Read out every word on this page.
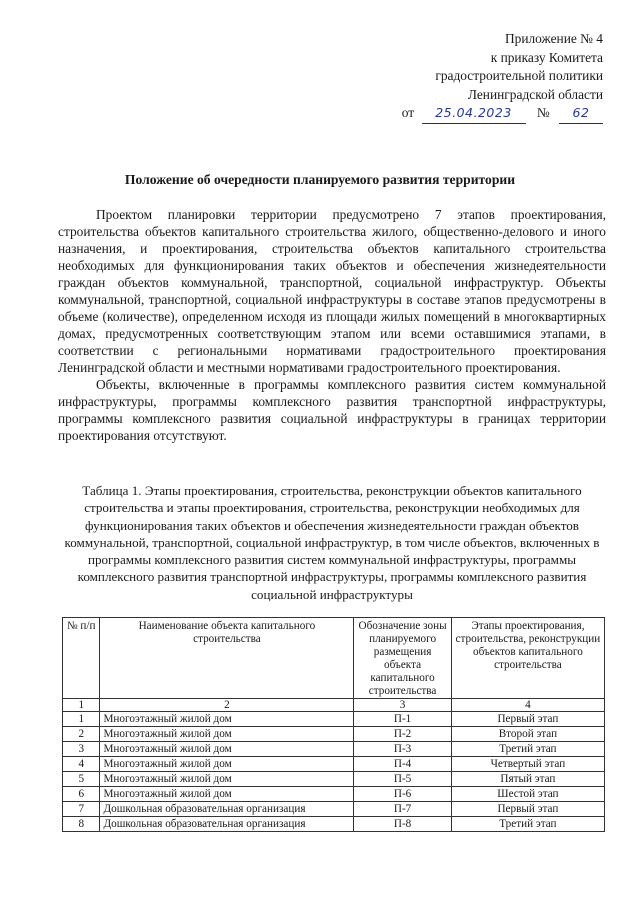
Приложение № 4
к приказу Комитета
градостроительной политики
Ленинградской области
от 25.04.2023 № 62
Положение об очередности планируемого развития территории

Проектом планировки территории предусмотрено 7 этапов проектирования, строительства объектов капитального строительства жилого, общественно-делового и иного назначения, и проектирования, строительства объектов капитального строительства необходимых для функционирования таких объектов и обеспечения жизнедеятельности граждан объектов коммунальной, транспортной, социальной инфраструктур. Объекты коммунальной, транспортной, социальной инфраструктуры в составе этапов предусмотрены в объеме (количестве), определенном исходя из площади жилых помещений в многоквартирных домах, предусмотренных соответствующим этапом или всеми оставшимися этапами, в соответствии с региональными нормативами градостроительного проектирования Ленинградской области и местными нормативами градостроительного проектирования.

Объекты, включенные в программы комплексного развития систем коммунальной инфраструктуры, программы комплексного развития транспортной инфраструктуры, программы комплексного развития социальной инфраструктуры в границах территории проектирования отсутствуют.

Таблица 1. Этапы проектирования, строительства, реконструкции объектов капитального строительства и этапы проектирования, строительства, реконструкции необходимых для функционирования таких объектов и обеспечения жизнедеятельности граждан объектов коммунальной, транспортной, социальной инфраструктур, в том числе объектов, включенных в программы комплексного развития систем коммунальной инфраструктуры, программы комплексного развития транспортной инфраструктуры, программы комплексного развития социальной инфраструктуры
№ п/п	Наименование объекта капитального строительства	Обозначение зоны планируемого размещения объекта капитального строительства	Этапы проектирования, строительства, реконструкции объектов капитального строительства
1	2	3	4
1	Многоэтажный жилой дом	П-1	Первый этап
2	Многоэтажный жилой дом	П-2	Второй этап
3	Многоэтажный жилой дом	П-3	Третий этап
4	Многоэтажный жилой дом	П-4	Четвертый этап
5	Многоэтажный жилой дом	П-5	Пятый этап
6	Многоэтажный жилой дом	П-6	Шестой этап
7	Дошкольная образовательная организация	П-7	Первый этап
8	Дошкольная образовательная организация	П-8	Третий этап
